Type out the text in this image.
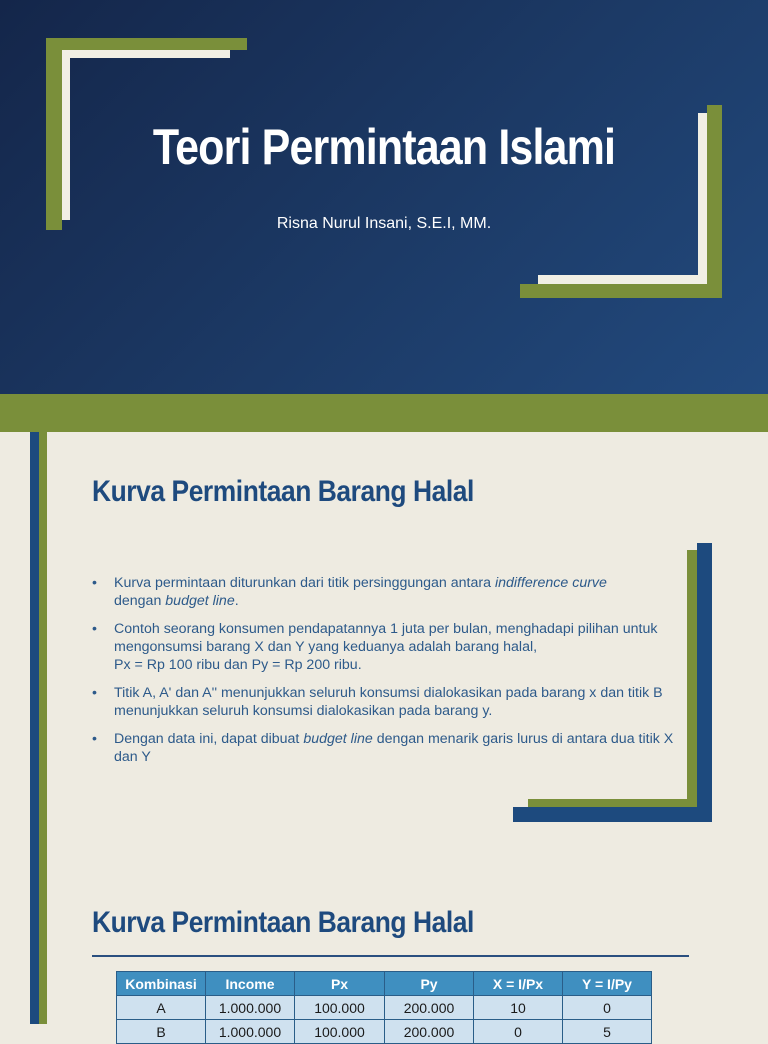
Teori Permintaan Islami
Risna Nurul Insani, S.E.I, MM.
Kurva Permintaan Barang Halal
• Kurva permintaan diturunkan dari titik persinggungan antara indifference curve
dengan budget line.
• Contoh seorang konsumen pendapatannya 1 juta per bulan, menghadapi pilihan untuk mengonsumsi barang X dan Y yang keduanya adalah barang halal,
Px = Rp 100 ribu dan Py = Rp 200 ribu.
• Titik A, A' dan A'' menunjukkan seluruh konsumsi dialokasikan pada barang x dan titik B menunjukkan seluruh konsumsi dialokasikan pada barang y.
• Dengan data ini, dapat dibuat budget line dengan menarik garis lurus di antara dua titik X dan Y
Kurva Permintaan Barang Halal
Kombinasi	Income	Px	Py	X = I/Px	Y = I/Py
A	1.000.000	100.000	200.000	10	0
B	1.000.000	100.000	200.000	0	5
